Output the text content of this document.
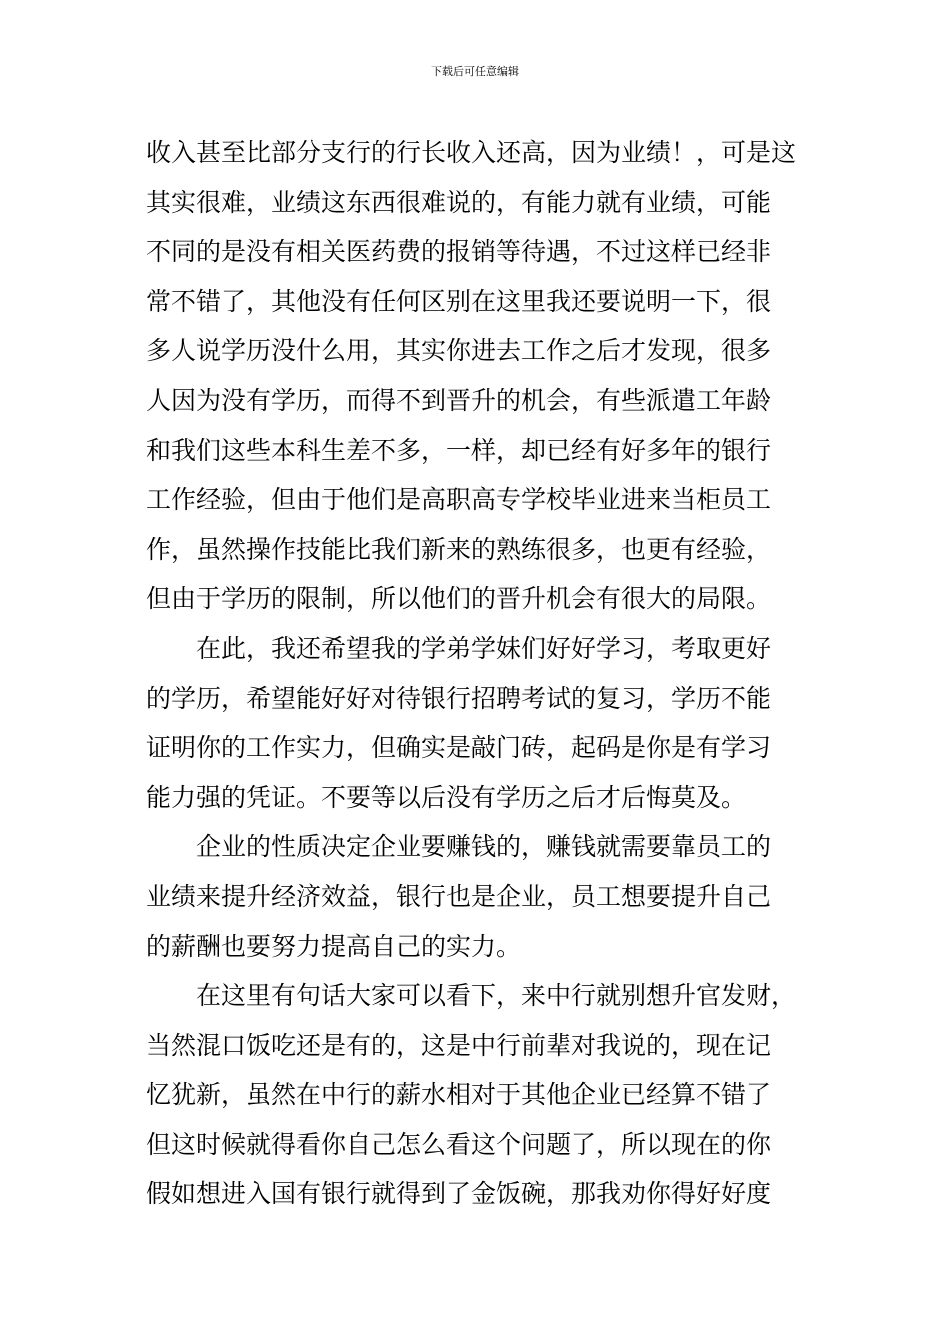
下载后可任意编辑
收入甚至比部分支行的行长收入还高，因为业绩！，可是这
其实很难，业绩这东西很难说的，有能力就有业绩，可能
不同的是没有相关医药费的报销等待遇，不过这样已经非
常不错了，其他没有任何区别在这里我还要说明一下，很
多人说学历没什么用，其实你进去工作之后才发现，很多
人因为没有学历，而得不到晋升的机会，有些派遣工年龄
和我们这些本科生差不多，一样，却已经有好多年的银行
工作经验，但由于他们是高职高专学校毕业进来当柜员工
作，虽然操作技能比我们新来的熟练很多，也更有经验，
但由于学历的限制，所以他们的晋升机会有很大的局限。
在此，我还希望我的学弟学妹们好好学习，考取更好
的学历，希望能好好对待银行招聘考试的复习，学历不能
证明你的工作实力，但确实是敲门砖，起码是你是有学习
能力强的凭证。不要等以后没有学历之后才后悔莫及。
企业的性质决定企业要赚钱的，赚钱就需要靠员工的
业绩来提升经济效益，银行也是企业，员工想要提升自己
的薪酬也要努力提高自己的实力。
在这里有句话大家可以看下，来中行就别想升官发财，
当然混口饭吃还是有的，这是中行前辈对我说的，现在记
忆犹新，虽然在中行的薪水相对于其他企业已经算不错了
但这时候就得看你自己怎么看这个问题了，所以现在的你
假如想进入国有银行就得到了金饭碗，那我劝你得好好度
